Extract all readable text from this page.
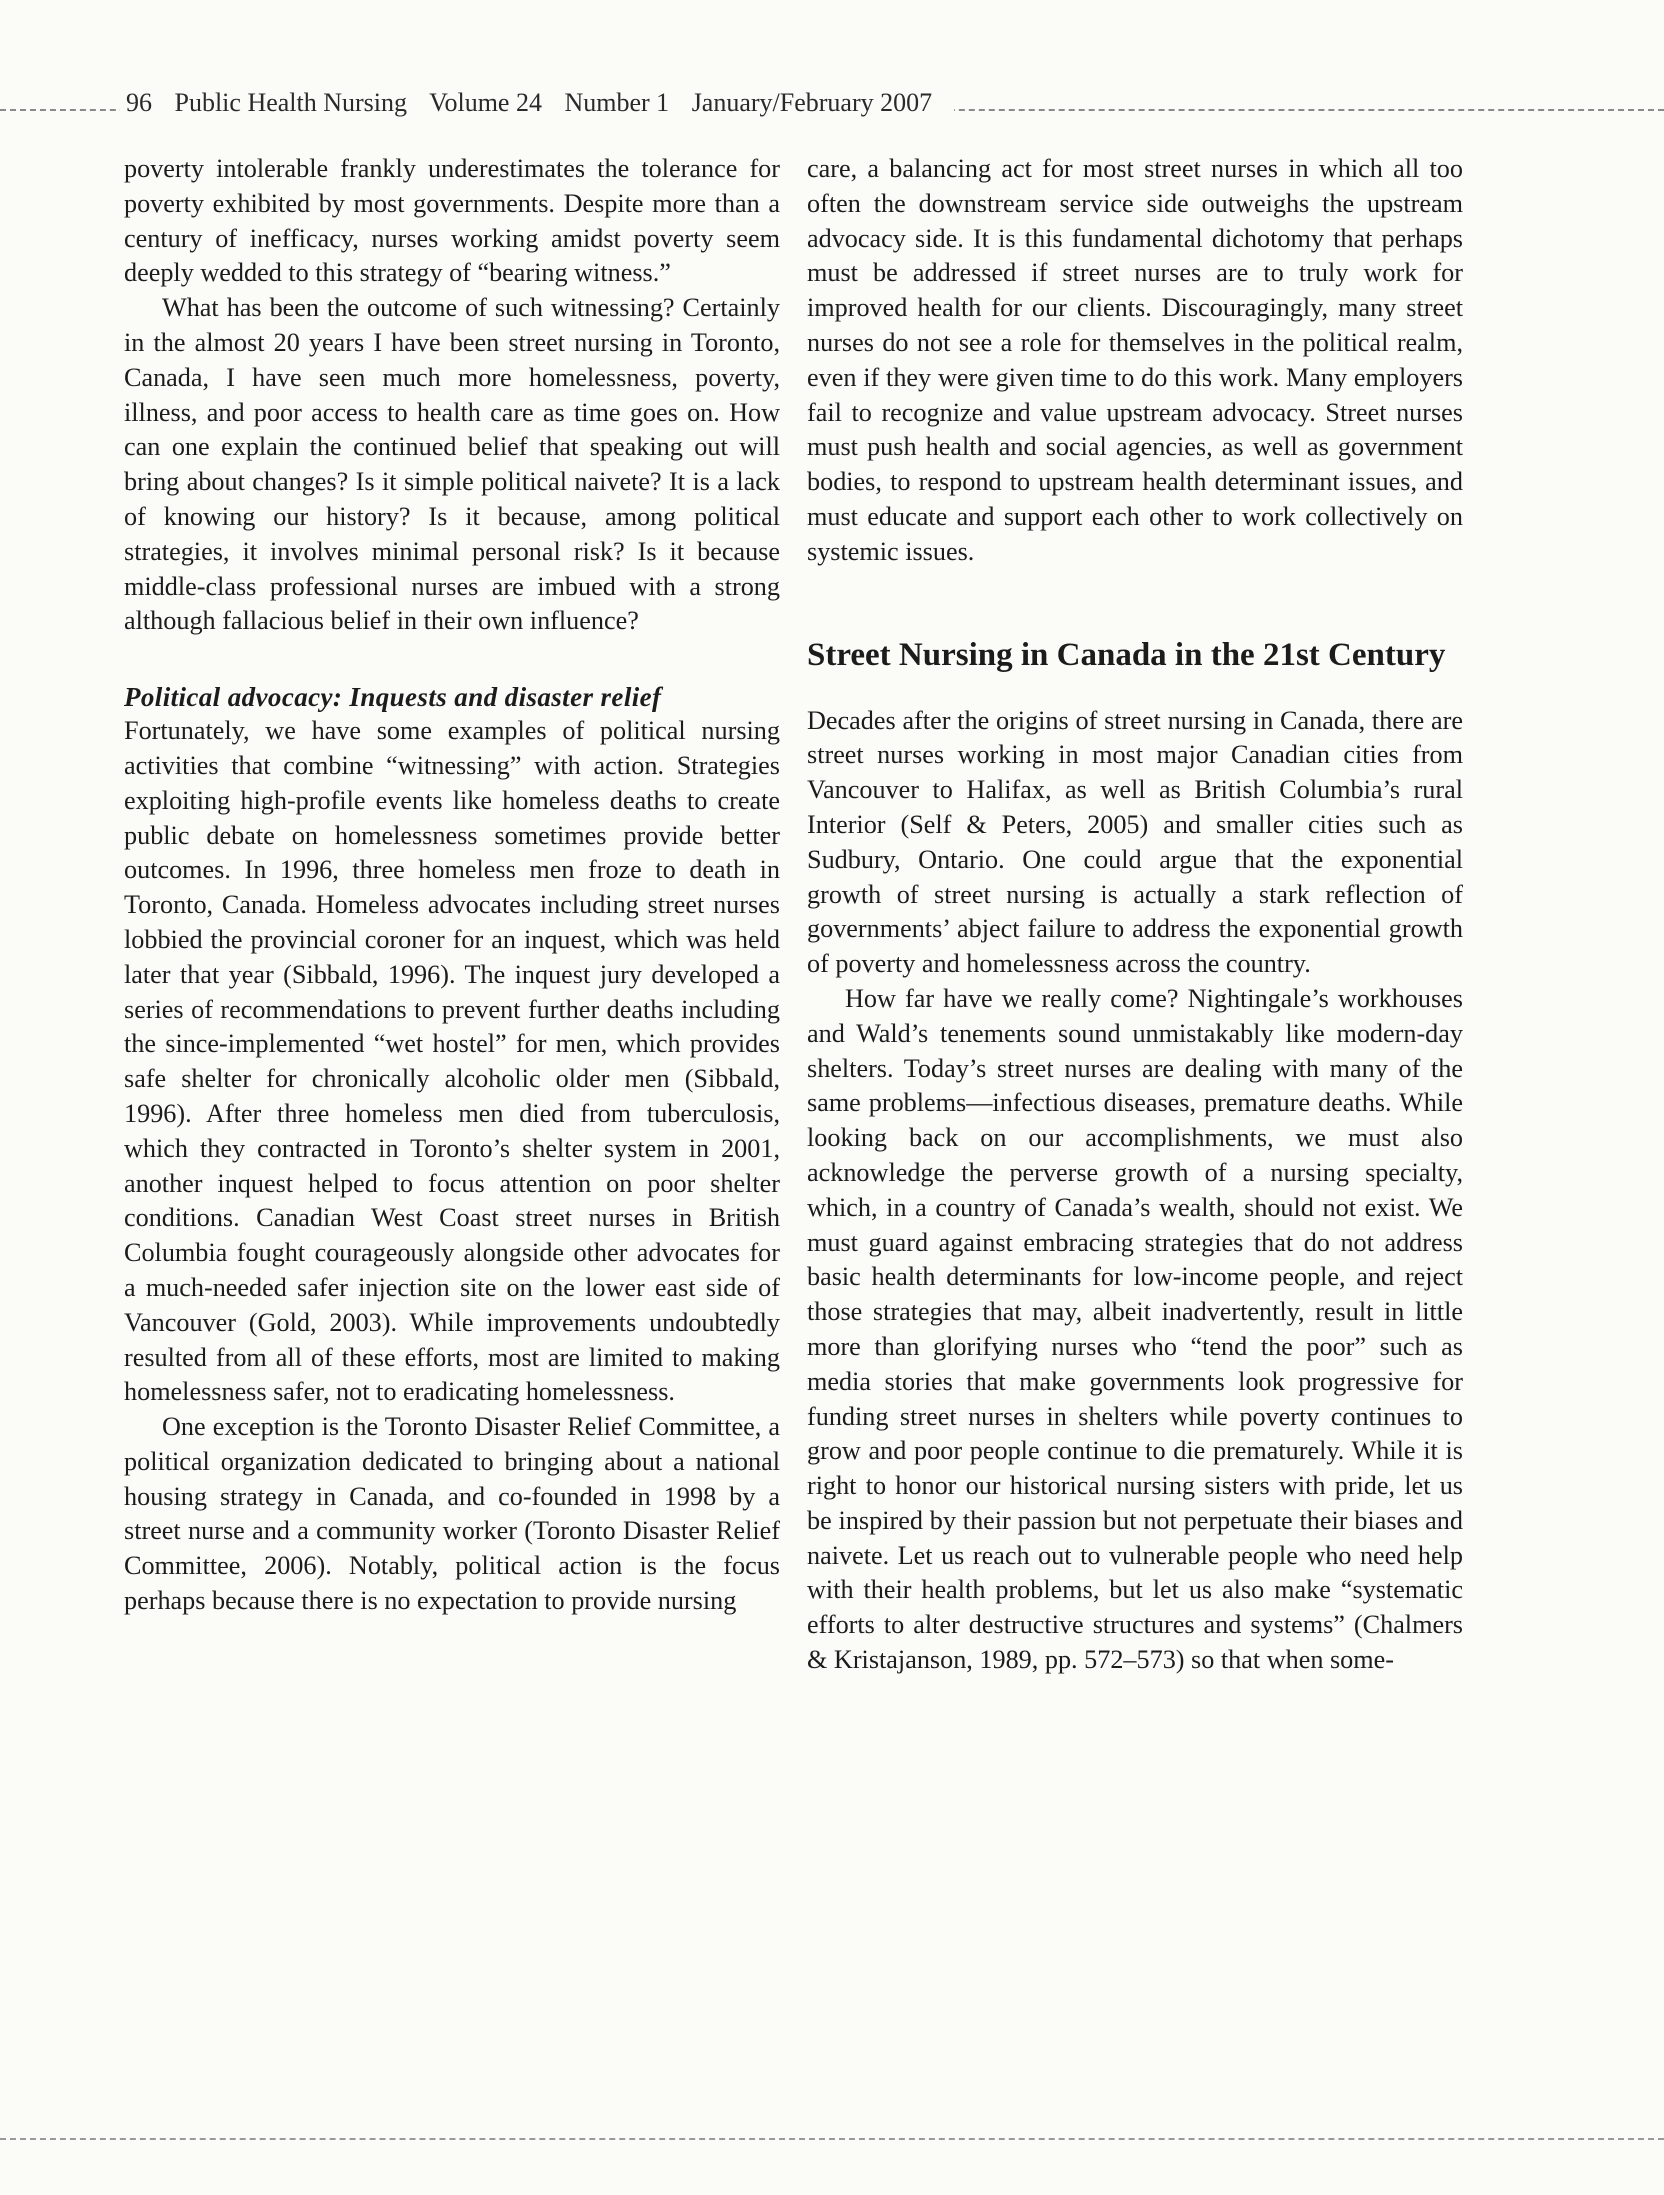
96 Public Health Nursing Volume 24 Number 1 January/February 2007

poverty intolerable frankly underestimates the tolerance for poverty exhibited by most governments. Despite more than a century of inefficacy, nurses working amidst poverty seem deeply wedded to this strategy of “bearing witness.”

What has been the outcome of such witnessing? Certainly in the almost 20 years I have been street nursing in Toronto, Canada, I have seen much more homelessness, poverty, illness, and poor access to health care as time goes on. How can one explain the continued belief that speaking out will bring about changes? Is it simple political naivete? It is a lack of knowing our history? Is it because, among political strategies, it involves minimal personal risk? Is it because middle-class professional nurses are imbued with a strong although fallacious belief in their own influence?

Political advocacy: Inquests and disaster relief

Fortunately, we have some examples of political nursing activities that combine “witnessing” with action. Strategies exploiting high-profile events like homeless deaths to create public debate on homelessness sometimes provide better outcomes. In 1996, three homeless men froze to death in Toronto, Canada. Homeless advocates including street nurses lobbied the provincial coroner for an inquest, which was held later that year (Sibbald, 1996). The inquest jury developed a series of recommendations to prevent further deaths including the since-implemented “wet hostel” for men, which provides safe shelter for chronically alcoholic older men (Sibbald, 1996). After three homeless men died from tuberculosis, which they contracted in Toronto’s shelter system in 2001, another inquest helped to focus attention on poor shelter conditions. Canadian West Coast street nurses in British Columbia fought courageously alongside other advocates for a much-needed safer injection site on the lower east side of Vancouver (Gold, 2003). While improvements undoubtedly resulted from all of these efforts, most are limited to making homelessness safer, not to eradicating homelessness.

One exception is the Toronto Disaster Relief Committee, a political organization dedicated to bringing about a national housing strategy in Canada, and co-founded in 1998 by a street nurse and a community worker (Toronto Disaster Relief Committee, 2006). Notably, political action is the focus perhaps because there is no expectation to provide nursing

care, a balancing act for most street nurses in which all too often the downstream service side outweighs the upstream advocacy side. It is this fundamental dichotomy that perhaps must be addressed if street nurses are to truly work for improved health for our clients. Discouragingly, many street nurses do not see a role for themselves in the political realm, even if they were given time to do this work. Many employers fail to recognize and value upstream advocacy. Street nurses must push health and social agencies, as well as government bodies, to respond to upstream health determinant issues, and must educate and support each other to work collectively on systemic issues.

Street Nursing in Canada in the 21st Century

Decades after the origins of street nursing in Canada, there are street nurses working in most major Canadian cities from Vancouver to Halifax, as well as British Columbia’s rural Interior (Self & Peters, 2005) and smaller cities such as Sudbury, Ontario. One could argue that the exponential growth of street nursing is actually a stark reflection of governments’ abject failure to address the exponential growth of poverty and homelessness across the country.

How far have we really come? Nightingale’s workhouses and Wald’s tenements sound unmistakably like modern-day shelters. Today’s street nurses are dealing with many of the same problems—infectious diseases, premature deaths. While looking back on our accomplishments, we must also acknowledge the perverse growth of a nursing specialty, which, in a country of Canada’s wealth, should not exist. We must guard against embracing strategies that do not address basic health determinants for low-income people, and reject those strategies that may, albeit inadvertently, result in little more than glorifying nurses who “tend the poor” such as media stories that make governments look progressive for funding street nurses in shelters while poverty continues to grow and poor people continue to die prematurely. While it is right to honor our historical nursing sisters with pride, let us be inspired by their passion but not perpetuate their biases and naivete. Let us reach out to vulnerable people who need help with their health problems, but let us also make “systematic efforts to alter destructive structures and systems” (Chalmers & Kristajanson, 1989, pp. 572–573) so that when some-
